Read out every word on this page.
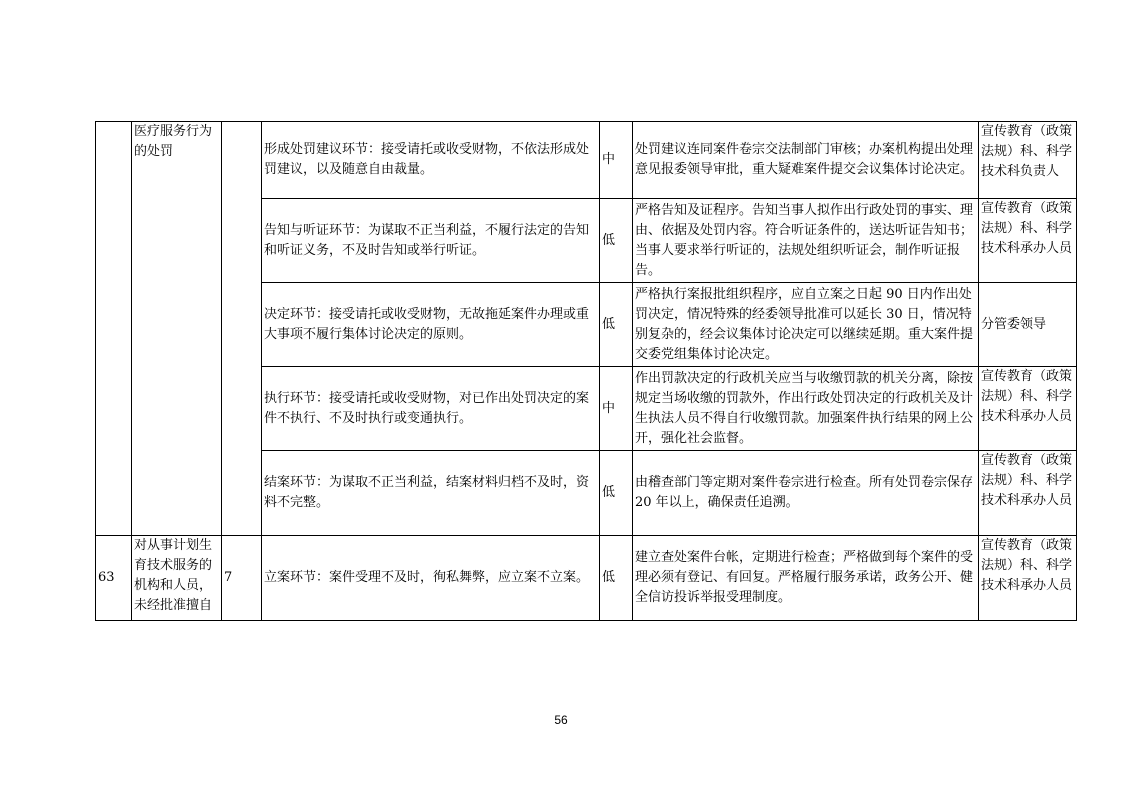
	医疗服务行为的处罚		形成处罚建议环节：接受请托或收受财物，不依法形成处罚建议，以及随意自由裁量。	中	处罚建议连同案件卷宗交法制部门审核；办案机构提出处理意见报委领导审批，重大疑难案件提交会议集体讨论决定。	宣传教育（政策法规）科、科学技术科负责人
			告知与听证环节：为谋取不正当利益，不履行法定的告知和听证义务，不及时告知或举行听证。	低	严格告知及证程序。告知当事人拟作出行政处罚的事实、理由、依据及处罚内容。符合听证条件的，送达听证告知书；当事人要求举行听证的，法规处组织听证会，制作听证报告。	宣传教育（政策法规）科、科学技术科承办人员
			决定环节：接受请托或收受财物，无故拖延案件办理或重大事项不履行集体讨论决定的原则。	低	严格执行案报批组织程序，应自立案之日起 90 日内作出处罚决定，情况特殊的经委领导批准可以延长 30 日，情况特别复杂的，经会议集体讨论决定可以继续延期。重大案件提交委党组集体讨论决定。	分管委领导
			执行环节：接受请托或收受财物，对已作出处罚决定的案件不执行、不及时执行或变通执行。	中	作出罚款决定的行政机关应当与收缴罚款的机关分离，除按规定当场收缴的罚款外，作出行政处罚决定的行政机关及计生执法人员不得自行收缴罚款。加强案件执行结果的网上公开，强化社会监督。	宣传教育（政策法规）科、科学技术科承办人员
			结案环节：为谋取不正当利益，结案材料归档不及时，资料不完整。	低	由稽查部门等定期对案件卷宗进行检查。所有处罚卷宗保存 20 年以上，确保责任追溯。	宣传教育（政策法规）科、科学技术科承办人员
63	对从事计划生育技术服务的机构和人员，未经批准擅自	7	立案环节：案件受理不及时，徇私舞弊，应立案不立案。	低	建立查处案件台帐，定期进行检查；严格做到每个案件的受理必须有登记、有回复。严格履行服务承诺，政务公开、健全信访投诉举报受理制度。	宣传教育（政策法规）科、科学技术科承办人员
56
